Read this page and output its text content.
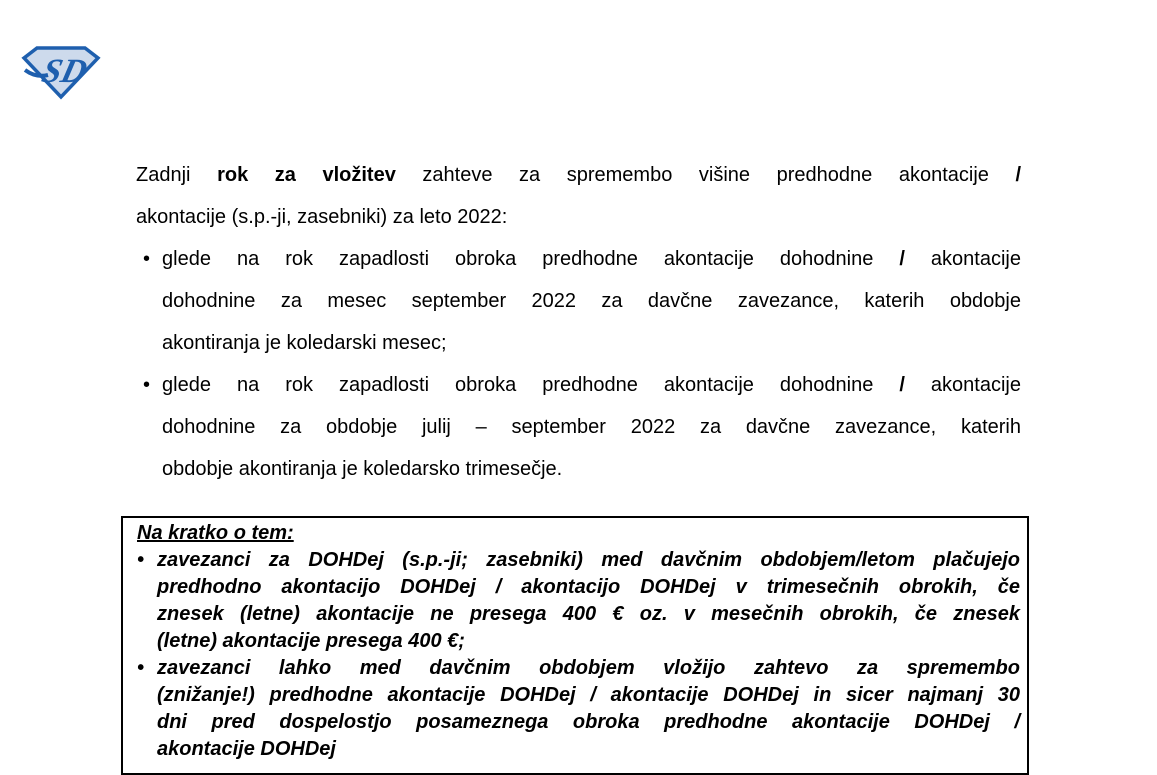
SD
Zadnji rok za vložitev zahteve za spremembo višine predhodne akontacije /
akontacije (s.p.-ji, zasebniki) za leto 2022:
• glede na rok zapadlosti obroka predhodne akontacije dohodnine / akontacije
dohodnine za mesec september 2022 za davčne zavezance, katerih obdobje
akontiranja je koledarski mesec;
• glede na rok zapadlosti obroka predhodne akontacije dohodnine / akontacije
dohodnine za obdobje julij – september 2022 za davčne zavezance, katerih
obdobje akontiranja je koledarsko trimesečje.
Na kratko o tem:
• zavezanci za DOHDej (s.p.-ji; zasebniki) med davčnim obdobjem/letom plačujejo
predhodno akontacijo DOHDej / akontacijo DOHDej v trimesečnih obrokih, če
znesek (letne) akontacije ne presega 400 € oz. v mesečnih obrokih, če znesek
(letne) akontacije presega 400 €;
• zavezanci lahko med davčnim obdobjem vložijo zahtevo za spremembo
(znižanje!) predhodne akontacije DOHDej / akontacije DOHDej in sicer najmanj 30
dni pred dospelostjo posameznega obroka predhodne akontacije DOHDej /
akontacije DOHDej
